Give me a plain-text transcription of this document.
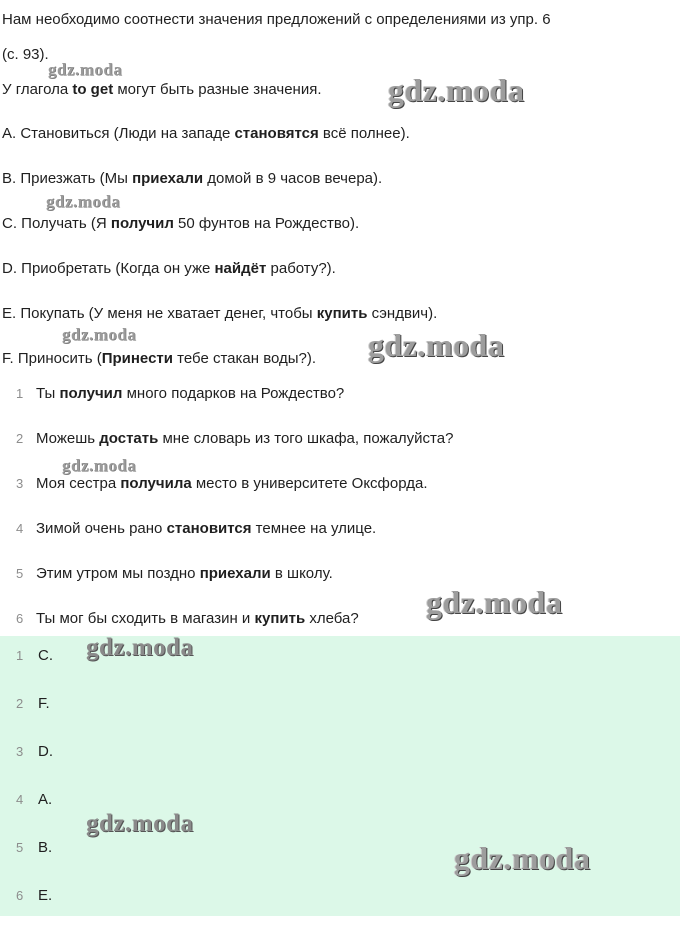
Нам необходимо соотнести значения предложений с определениями из упр. 6
(с. 93).
У глагола to get могут быть разные значения.
A. Становиться (Люди на западе становятся всё полнее).
B. Приезжать (Мы приехали домой в 9 часов вечера).
C. Получать (Я получил 50 фунтов на Рождество).
D. Приобретать (Когда он уже найдёт работу?).
E. Покупать (У меня не хватает денег, чтобы купить сэндвич).
F. Приносить (Принести тебе стакан воды?).
1 Ты получил много подарков на Рождество?
2 Можешь достать мне словарь из того шкафа, пожалуйста?
3 Моя сестра получила место в университете Оксфорда.
4 Зимой очень рано становится темнее на улице.
5 Этим утром мы поздно приехали в школу.
6 Ты мог бы сходить в магазин и купить хлеба?
1 C.
2 F.
3 D.
4 A.
5 B.
6 E.
gdz.moda
gdz.moda
gdz.moda
gdz.moda	gdz.moda
gdz.moda
gdz.moda
gdz.moda
gdz.moda
gdz.moda
